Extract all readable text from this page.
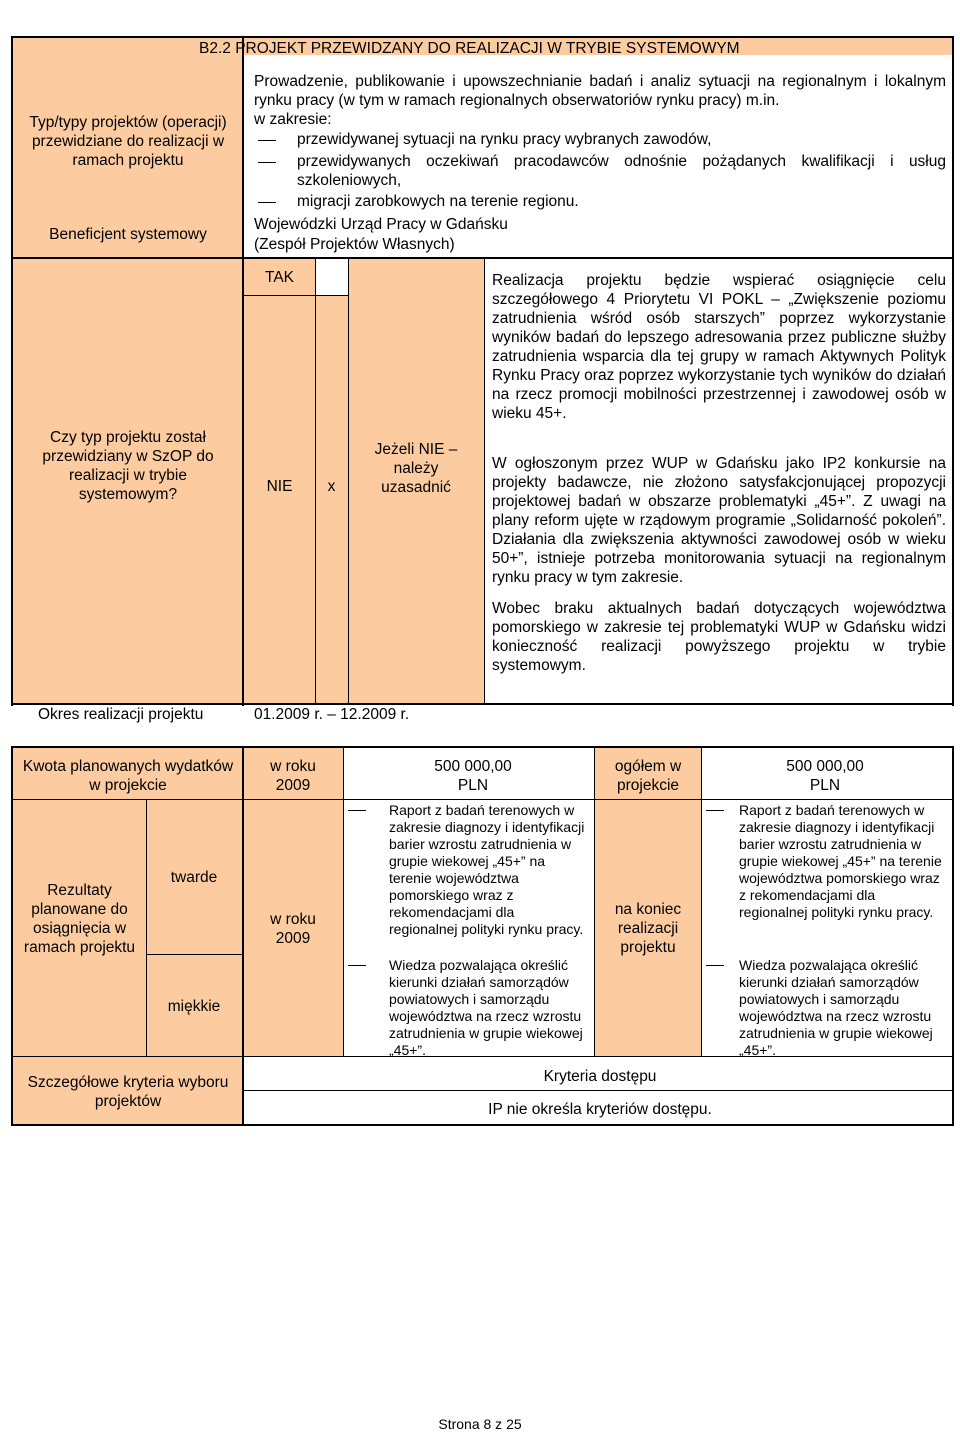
B2.2 PROJEKT PRZEWIDZANY DO REALIZACJI W TRYBIE SYSTEMOWYM
Typ/typy projektów (operacji) przewidziane do realizacji w ramach projektu
Beneficjent systemowy
Czy typ projektu został przewidziany w SzOP do realizacji w trybie systemowym?
Prowadzenie, publikowanie i upowszechnianie badań i analiz sytuacji na regionalnym i lokalnym rynku pracy (w tym w ramach regionalnych obserwatoriów rynku pracy) m.in.
w zakresie:
przewidywanej sytuacji na rynku pracy wybranych zawodów,
przewidywanych oczekiwań pracodawców odnośnie pożądanych kwalifikacji i usług szkoleniowych,
migracji zarobkowych na terenie regionu.
Wojewódzki Urząd Pracy w Gdańsku
(Zespół Projektów Własnych)
TAK
NIE	x
Jeżeli NIE – należy uzasadnić
Realizacja projektu będzie wspierać osiągnięcie celu szczegółowego 4 Priorytetu VI POKL – „Zwiększenie poziomu zatrudnienia wśród osób starszych” poprzez wykorzystanie wyników badań do lepszego adresowania przez publiczne służby zatrudnienia wsparcia dla tej grupy w ramach Aktywnych Polityk Rynku Pracy oraz poprzez wykorzystanie tych wyników do działań na rzecz promocji mobilności przestrzennej i zawodowej osób w wieku 45+.
W ogłoszonym przez WUP w Gdańsku jako IP2 konkursie na projekty badawcze, nie złożono satysfakcjonującej propozycji projektowej badań w obszarze problematyki „45+”. Z uwagi na plany reform ujęte w rządowym programie „Solidarność pokoleń”. Działania dla zwiększenia aktywności zawodowej osób w wieku 50+”, istnieje potrzeba monitorowania sytuacji na regionalnym rynku pracy w tym zakresie.
Wobec braku aktualnych badań dotyczących województwa pomorskiego w zakresie tej problematyki WUP w Gdańsku widzi konieczność realizacji powyższego projektu w trybie systemowym.
Okres realizacji projektu	01.2009 r. – 12.2009 r.
Kwota planowanych wydatków w projekcie
w roku 2009
500 000,00 PLN
ogółem w projekcie
500 000,00 PLN
Rezultaty planowane do osiągnięcia w ramach projektu
twarde
miękkie
w roku 2009
na koniec realizacji projektu
Raport z badań terenowych w zakresie diagnozy i identyfikacji barier wzrostu zatrudnienia w grupie wiekowej „45+” na terenie województwa pomorskiego wraz z rekomendacjami dla regionalnej polityki rynku pracy.
Wiedza pozwalająca określić kierunki działań samorządów powiatowych i samorządu województwa na rzecz wzrostu zatrudnienia w grupie wiekowej „45+”.
Raport z badań terenowych w zakresie diagnozy i identyfikacji barier wzrostu zatrudnienia w grupie wiekowej „45+” na terenie województwa pomorskiego wraz z rekomendacjami dla regionalnej polityki rynku pracy.
Wiedza pozwalająca określić kierunki działań samorządów powiatowych i samorządu województwa na rzecz wzrostu zatrudnienia w grupie wiekowej „45+”.
Szczegółowe kryteria wyboru projektów
Kryteria dostępu
IP nie określa kryteriów dostępu.
Strona 8 z 25
